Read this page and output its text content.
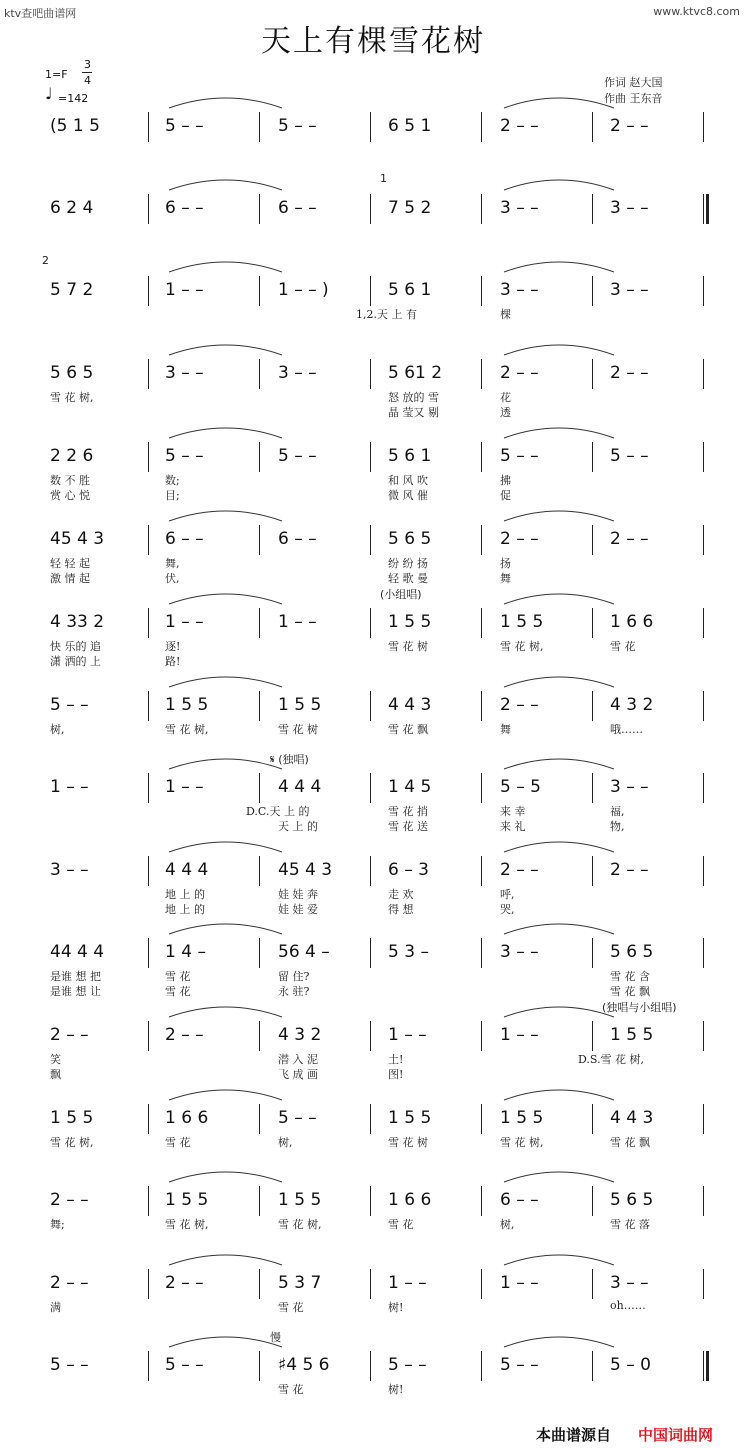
ktv查吧曲谱网	www.ktvc8.com
天上有棵雪花树
1=F
3
4
♩ =142
作词 赵大国
作曲 王东音
(5 1 5	5 – –	5 – –	6 5 1	2 – –	2 – –
6 2 4	6 – –	6 – –	7 5 2	3 – –	3 – –
1
5 7 2	1 – –	1 – – )	5 6 1	3 – –	3 – –
1,2.天 上 有	棵
2
5 6 5	3 – –	3 – –	5 61 2	2 – –	2 – –
雪 花 树,	怒 放的 雪	花
晶 莹又 剔	透
2 2 6	5 – –	5 – –	5 6 1	5 – –	5 – –
数 不 胜	数;	和 风 吹	拂
赏 心 悦	目;	微 风 催	促
45 4 3	6 – –	6 – –	5 6 5	2 – –	2 – –
轻 轻 起	舞,	纷 纷 扬	扬
激 情 起	伏,	轻 歌 曼	舞
4 33 2	1 – –	1 – –	1 5 5	1 5 5	1 6 6
快 乐的 追	逐!	雪 花 树	雪 花 树,	雪 花
潇 洒的 上	路!
(小组唱)
5 – –	1 5 5	1 5 5	4 4 3	2 – –	4 3 2
树,	雪 花 树,	雪 花 树	雪 花 飘	舞	哦……
1 – –	1 – –	4 4 4	1 4 5	5 – 5	3 – –
D.C.天 上 的	雪 花 捎	来 幸	福,
天 上 的	雪 花 送	来 礼	物,
𝄋 (独唱)
3 – –	4 4 4	45 4 3	6 – 3	2 – –	2 – –
地 上 的	娃 娃 奔	走 欢	呼,
地 上 的	娃 娃 爱	得 想	哭,
44 4 4	1 4 –	56 4 –	5 3 –	3 – –	5 6 5
是谁 想 把	雪 花	留 住?	雪 花 含
是谁 想 让	雪 花	永 驻?	雪 花 飘
2 – –	2 – –	4 3 2	1 – –	1 – –	1 5 5
笑	潜 入 泥	土!	D.S.雪 花 树,
飘	飞 成 画	图!
(独唱与小组唱)
1 5 5	1 6 6	5 – –	1 5 5	1 5 5	4 4 3
雪 花 树,	雪 花	树,	雪 花 树	雪 花 树,	雪 花 飘
2 – –	1 5 5	1 5 5	1 6 6	6 – –	5 6 5
舞;	雪 花 树,	雪 花 树,	雪 花	树,	雪 花 落
2 – –	2 – –	5 3 7	1 – –	1 – –	3 – –
满	雪 花	树!	oh……
5 – –	5 – –	♯4 5 6	5 – –	5 – –	5 – 0
雪 花	树!
慢
本曲谱源自 中国词曲网
